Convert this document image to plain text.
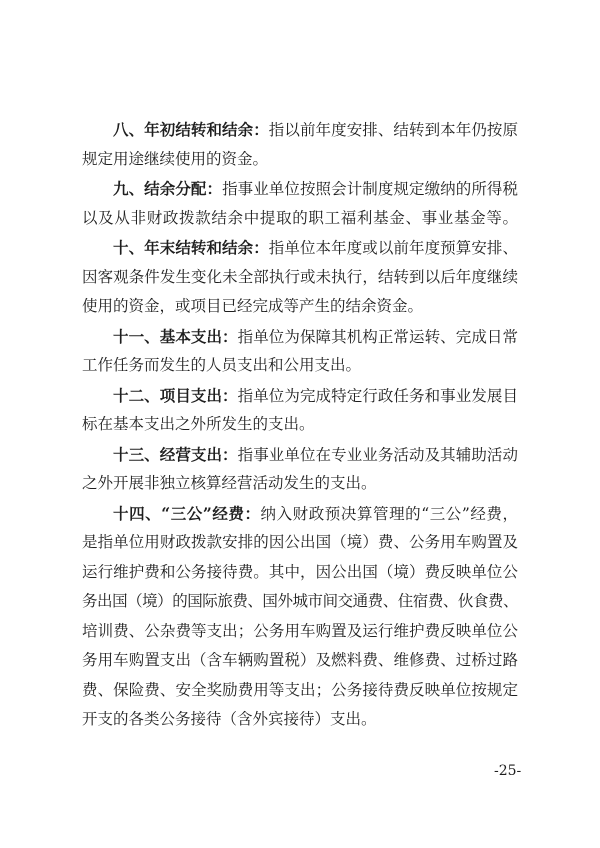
八、年初结转和结余：指以前年度安排、结转到本年仍按原
规定用途继续使用的资金。
九、结余分配：指事业单位按照会计制度规定缴纳的所得税
以及从非财政拨款结余中提取的职工福利基金、事业基金等。
十、年末结转和结余：指单位本年度或以前年度预算安排、
因客观条件发生变化未全部执行或未执行，结转到以后年度继续
使用的资金，或项目已经完成等产生的结余资金。
十一、基本支出：指单位为保障其机构正常运转、完成日常
工作任务而发生的人员支出和公用支出。
十二、项目支出：指单位为完成特定行政任务和事业发展目
标在基本支出之外所发生的支出。
十三、经营支出：指事业单位在专业业务活动及其辅助活动
之外开展非独立核算经营活动发生的支出。
十四、“三公”经费：纳入财政预决算管理的“三公”经费，
是指单位用财政拨款安排的因公出国（境）费、公务用车购置及
运行维护费和公务接待费。其中，因公出国（境）费反映单位公
务出国（境）的国际旅费、国外城市间交通费、住宿费、伙食费、
培训费、公杂费等支出；公务用车购置及运行维护费反映单位公
务用车购置支出（含车辆购置税）及燃料费、维修费、过桥过路
费、保险费、安全奖励费用等支出；公务接待费反映单位按规定
开支的各类公务接待（含外宾接待）支出。
-25-
